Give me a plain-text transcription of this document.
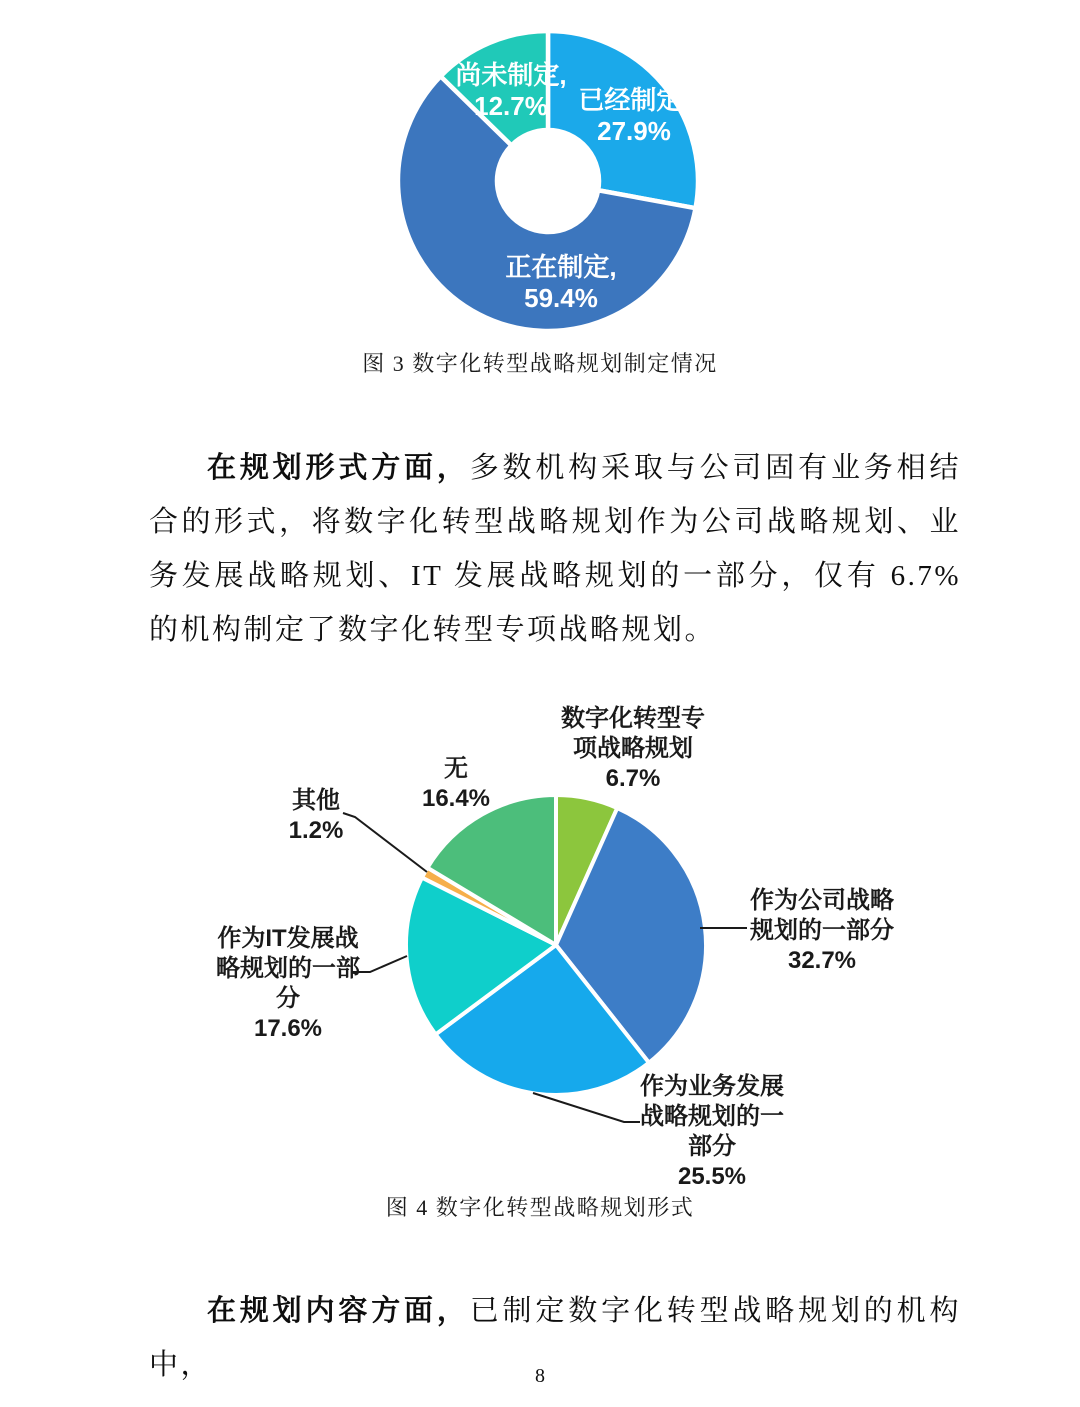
已经制定,
27.9%
正在制定,
59.4%
尚未制定,
12.7%
数字化转型专
项战略规划
6.7%
作为公司战略
规划的一部分
32.7%
作为业务发展
战略规划的一
部分
25.5%
作为IT发展战
略规划的一部
分
17.6%
其他
1.2%
无
16.4%
图 3 数字化转型战略规划制定情况

在规划形式方面，多数机构采取与公司固有业务相结合的形式，将数字化转型战略规划作为公司战略规划、业务发展战略规划、IT 发展战略规划的一部分，仅有 6.7%的机构制定了数字化转型专项战略规划。

图 4 数字化转型战略规划形式

在规划内容方面，已制定数字化转型战略规划的机构中，	8
